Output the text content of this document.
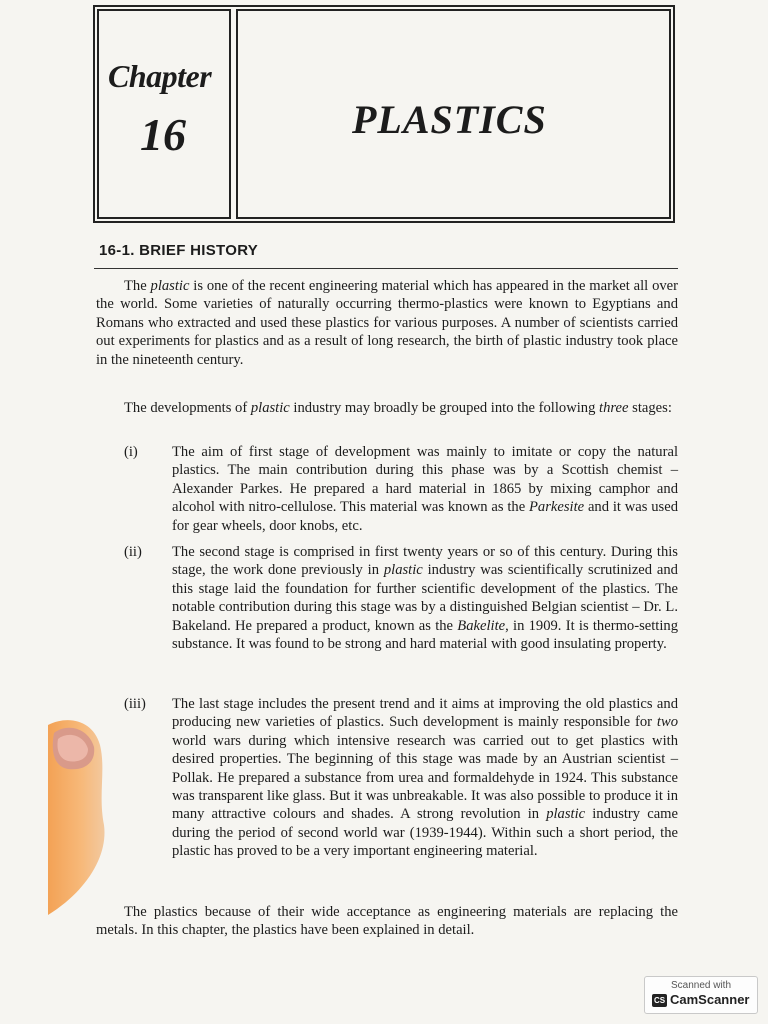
Chapter
16	PLASTICS
16-1. BRIEF HISTORY
The plastic is one of the recent engineering material which has appeared in the market all over the world. Some varieties of naturally occurring thermo-plastics were known to Egyptians and Romans who extracted and used these plastics for various purposes. A number of scientists carried out experiments for plastics and as a result of long research, the birth of plastic industry took place in the nineteenth century.
The developments of plastic industry may broadly be grouped into the following three stages:
(i) The aim of first stage of development was mainly to imitate or copy the natural plastics. The main contribution during this phase was by a Scottish chemist – Alexander Parkes. He prepared a hard material in 1865 by mixing camphor and alcohol with nitro-cellulose. This material was known as the Parkesite and it was used for gear wheels, door knobs, etc.
(ii) The second stage is comprised in first twenty years or so of this century. During this stage, the work done previously in plastic industry was scientifically scrutinized and this stage laid the foundation for further scientific development of the plastics. The notable contribution during this stage was by a distinguished Belgian scientist – Dr. L. Bakeland. He prepared a product, known as the Bakelite, in 1909. It is thermo-setting substance. It was found to be strong and hard material with good insulating property.
(iii) The last stage includes the present trend and it aims at improving the old plastics and producing new varieties of plastics. Such development is mainly responsible for two world wars during which intensive research was carried out to get plastics with desired properties. The beginning of this stage was made by an Austrian scientist – Pollak. He prepared a substance from urea and formaldehyde in 1924. This substance was transparent like glass. But it was unbreakable. It was also possible to produce it in many attractive colours and shades. A strong revolution in plastic industry came during the period of second world war (1939-1944). Within such a short period, the plastic has proved to be a very important engineering material.
The plastics because of their wide acceptance as engineering materials are replacing the metals. In this chapter, the plastics have been explained in detail.
Scanned with
CS CamScanner
